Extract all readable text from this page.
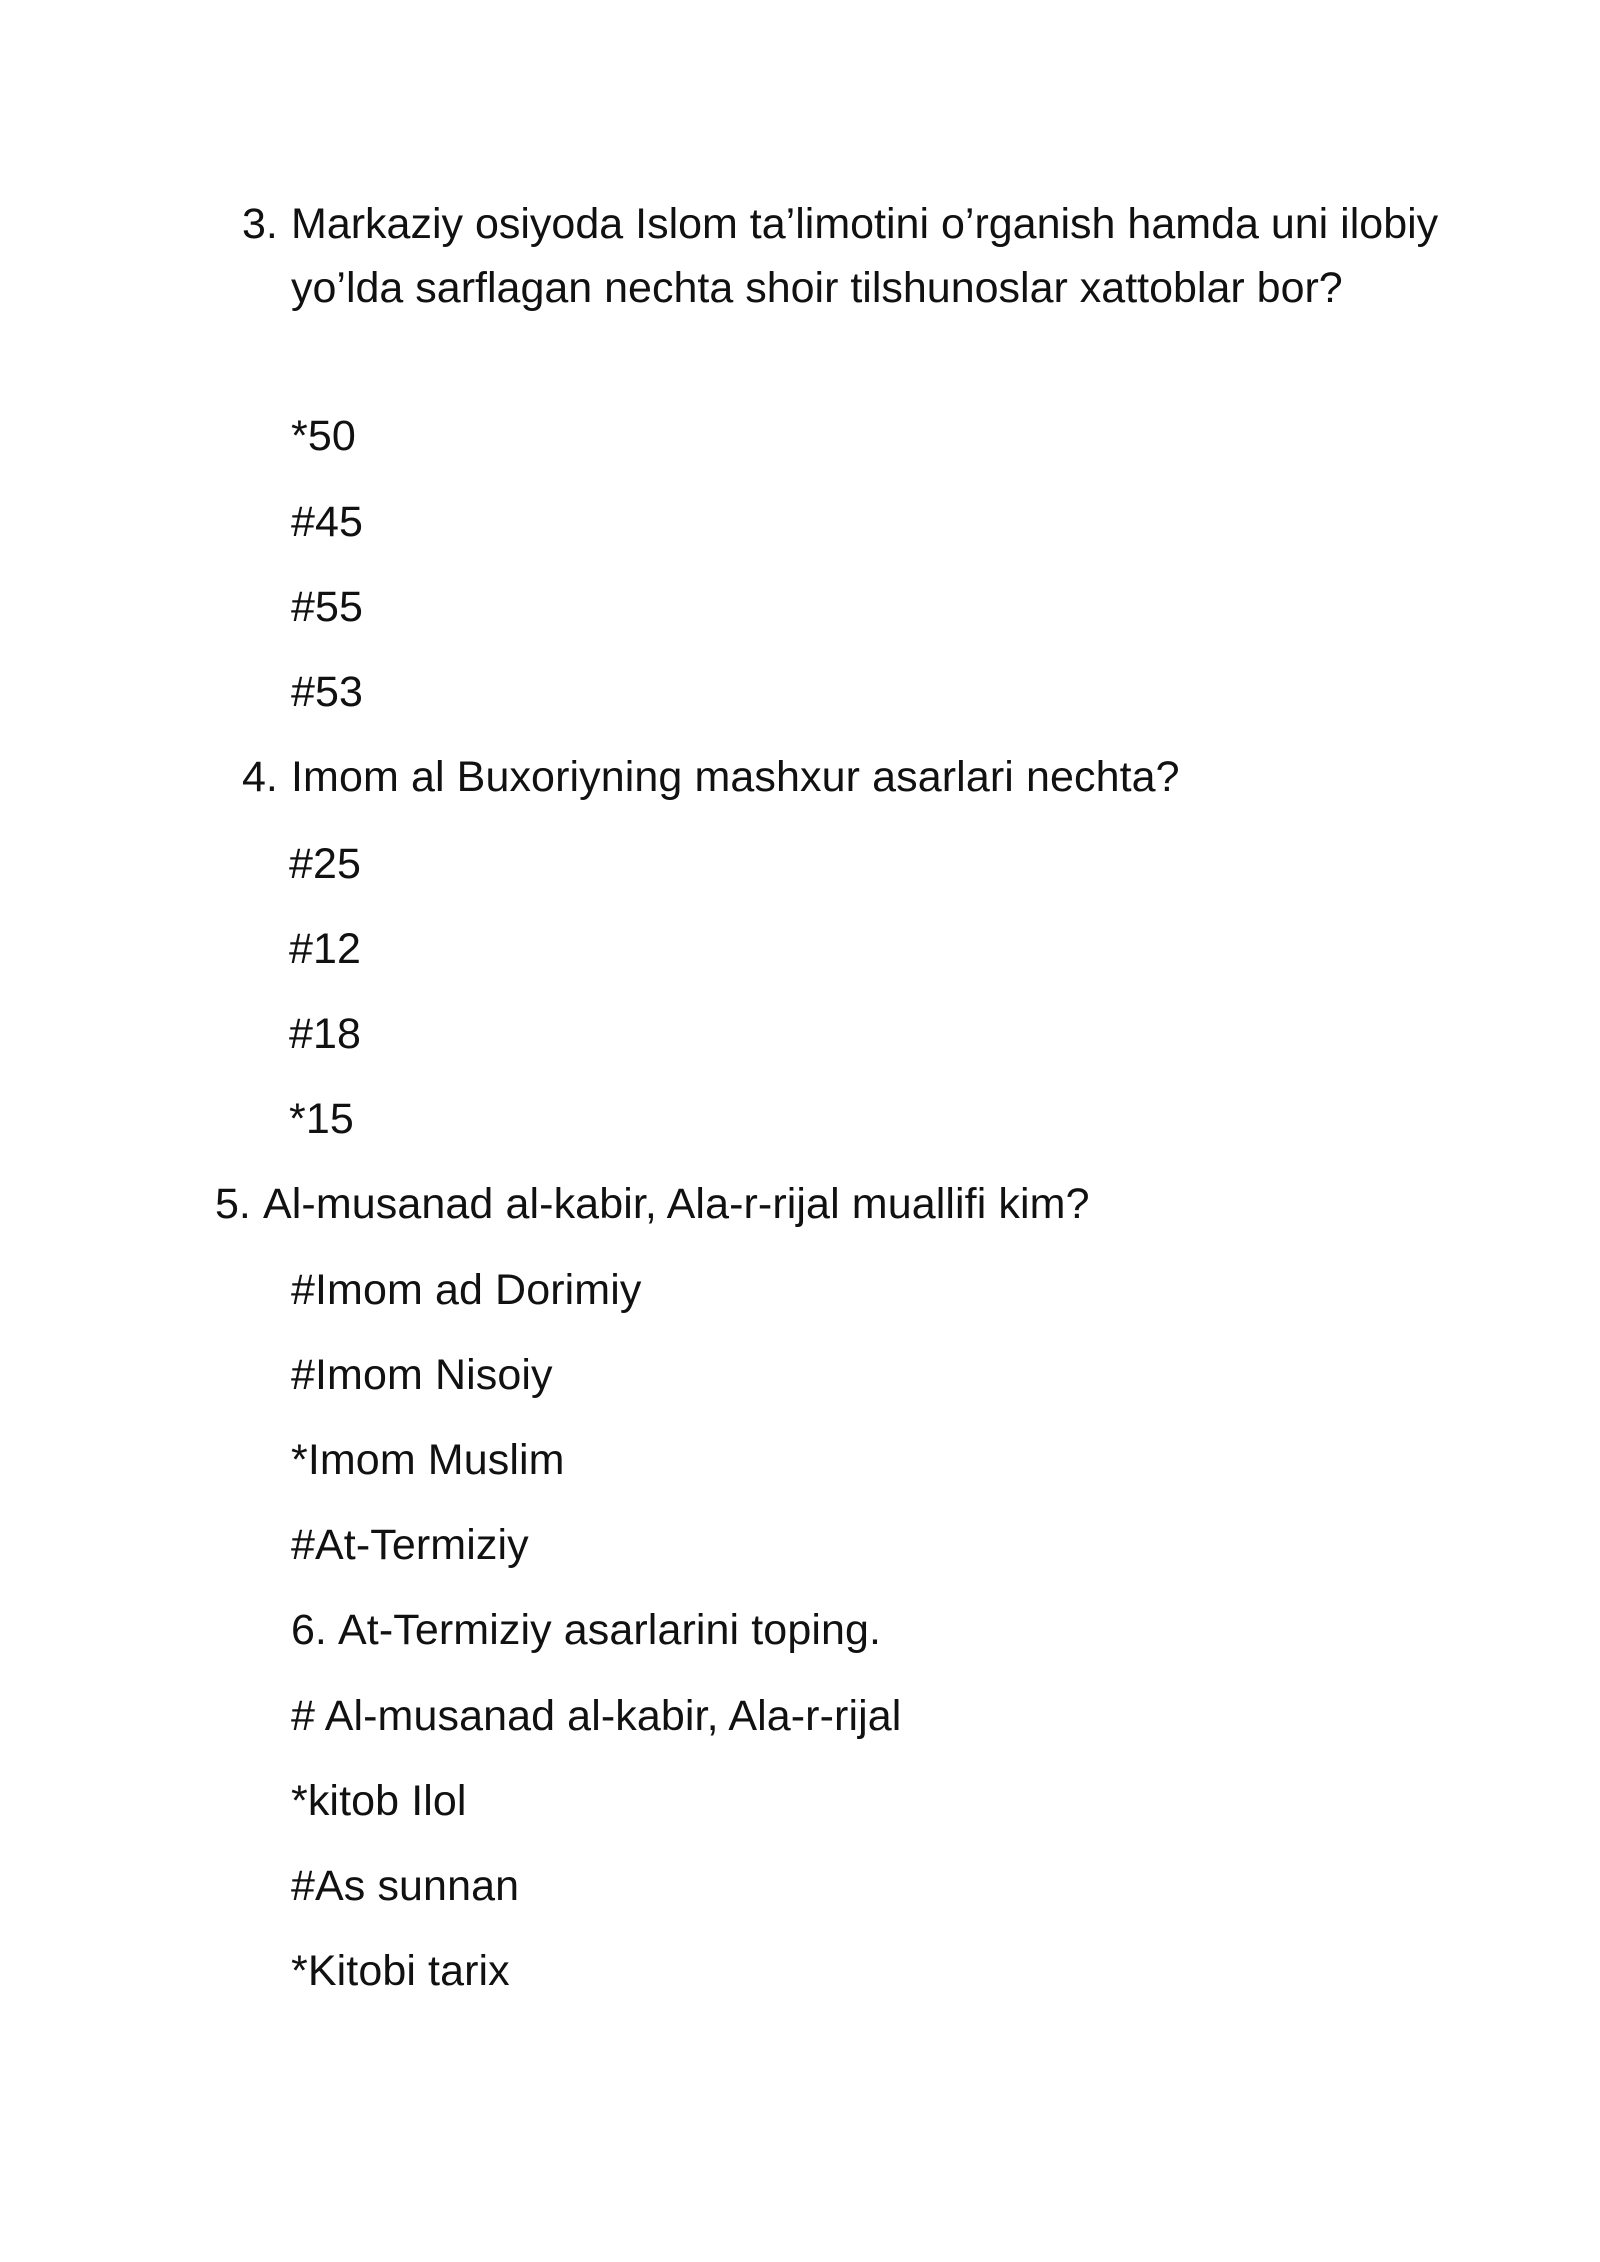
3. Markaziy osiyoda Islom ta’limotini o’rganish hamda uni ilobiy yo’lda sarflagan nechta shoir tilshunoslar xattoblar bor?
*50
#45
#55
#53
4. Imom al Buxoriyning mashxur asarlari nechta?
#25
#12
#18
*15
5. Al-musanad al-kabir, Ala-r-rijal muallifi kim?
#Imom ad Dorimiy
#Imom Nisoiy
*Imom Muslim
#At-Termiziy
6. At-Termiziy asarlarini toping.
# Al-musanad al-kabir, Ala-r-rijal
*kitob Ilol
#As sunnan
*Kitobi tarix
